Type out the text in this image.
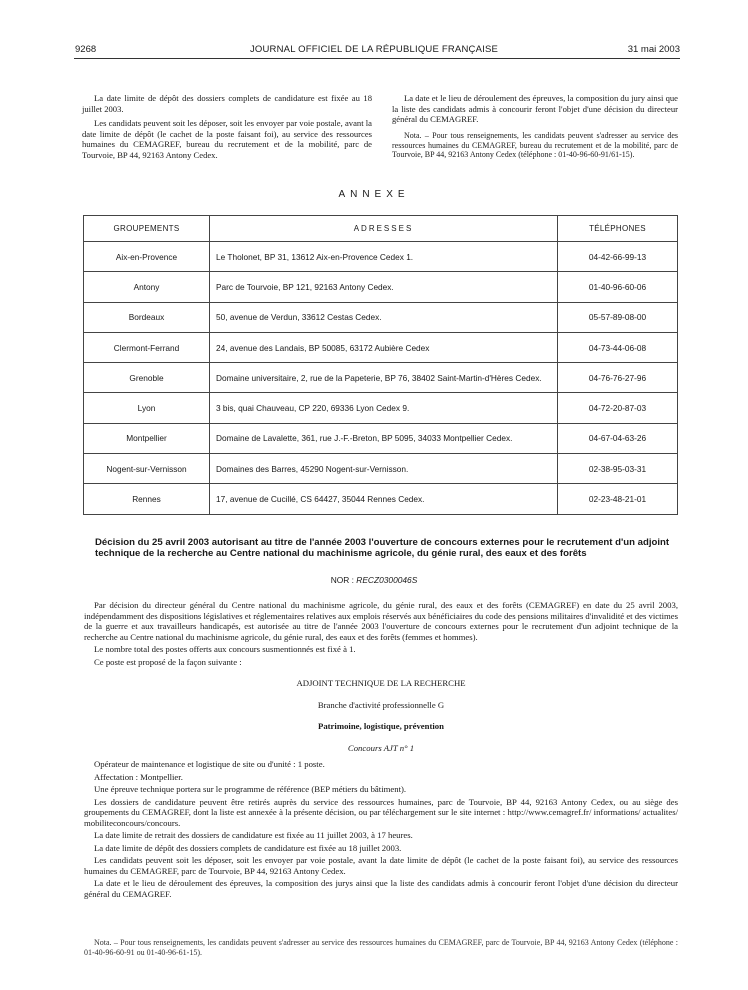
9268	JOURNAL OFFICIEL DE LA RÉPUBLIQUE FRANÇAISE	31 mai 2003

La date limite de dépôt des dossiers complets de candidature est fixée au 18 juillet 2003.

Les candidats peuvent soit les déposer, soit les envoyer par voie postale, avant la date limite de dépôt (le cachet de la poste faisant foi), au service des ressources humaines du CEMAGREF, bureau du recrutement et de la mobilité, parc de Tourvoie, BP 44, 92163 Antony Cedex.

La date et le lieu de déroulement des épreuves, la composition du jury ainsi que la liste des candidats admis à concourir feront l'objet d'une décision du directeur général du CEMAGREF.

Nota. – Pour tous renseignements, les candidats peuvent s'adresser au service des ressources humaines du CEMAGREF, bureau du recrutement et de la mobilité, parc de Tourvoie, BP 44, 92163 Antony Cedex (téléphone : 01-40-96-60-91/61-15).

ANNEXE
GROUPEMENTS	ADRESSES	TÉLÉPHONES
Aix-en-Provence	Le Tholonet, BP 31, 13612 Aix-en-Provence Cedex 1.	04-42-66-99-13
Antony	Parc de Tourvoie, BP 121, 92163 Antony Cedex.	01-40-96-60-06
Bordeaux	50, avenue de Verdun, 33612 Cestas Cedex.	05-57-89-08-00
Clermont-Ferrand	24, avenue des Landais, BP 50085, 63172 Aubière Cedex	04-73-44-06-08
Grenoble	Domaine universitaire, 2, rue de la Papeterie, BP 76, 38402 Saint-Martin-d'Hères Cedex.	04-76-76-27-96
Lyon	3 bis, quai Chauveau, CP 220, 69336 Lyon Cedex 9.	04-72-20-87-03
Montpellier	Domaine de Lavalette, 361, rue J.-F.-Breton, BP 5095, 34033 Montpellier Cedex.	04-67-04-63-26
Nogent-sur-Vernisson	Domaines des Barres, 45290 Nogent-sur-Vernisson.	02-38-95-03-31
Rennes	17, avenue de Cucillé, CS 64427, 35044 Rennes Cedex.	02-23-48-21-01
Décision du 25 avril 2003 autorisant au titre de l'année 2003 l'ouverture de concours externes pour le recrutement d'un adjoint technique de la recherche au Centre national du machinisme agricole, du génie rural, des eaux et des forêts
NOR : RECZ0300046S

Par décision du directeur général du Centre national du machinisme agricole, du génie rural, des eaux et des forêts (CEMAGREF) en date du 25 avril 2003, indépendamment des dispositions législatives et réglementaires relatives aux emplois réservés aux bénéficiaires du code des pensions militaires d'invalidité et des victimes de la guerre et aux travailleurs handicapés, est autorisée au titre de l'année 2003 l'ouverture de concours externes pour le recrutement d'un adjoint technique de la recherche au Centre national du machinisme agricole, du génie rural, des eaux et des forêts (femmes et hommes).

Le nombre total des postes offerts aux concours susmentionnés est fixé à 1.

Ce poste est proposé de la façon suivante :

ADJOINT TECHNIQUE DE LA RECHERCHE

Branche d'activité professionnelle G

Patrimoine, logistique, prévention

Concours AJT n° 1

Opérateur de maintenance et logistique de site ou d'unité : 1 poste.

Affectation : Montpellier.

Une épreuve technique portera sur le programme de référence (BEP métiers du bâtiment).

Les dossiers de candidature peuvent être retirés auprès du service des ressources humaines, parc de Tourvoie, BP 44, 92163 Antony Cedex, ou au siège des groupements du CEMAGREF, dont la liste est annexée à la présente décision, ou par téléchargement sur le site internet : http://www.cemagref.fr/ informations/ actualites/ mobiliteconcours/concours.

La date limite de retrait des dossiers de candidature est fixée au 11 juillet 2003, à 17 heures.

La date limite de dépôt des dossiers complets de candidature est fixée au 18 juillet 2003.

Les candidats peuvent soit les déposer, soit les envoyer par voie postale, avant la date limite de dépôt (le cachet de la poste faisant foi), au service des ressources humaines du CEMAGREF, parc de Tourvoie, BP 44, 92163 Antony Cedex.

La date et le lieu de déroulement des épreuves, la composition des jurys ainsi que la liste des candidats admis à concourir feront l'objet d'une décision du directeur général du CEMAGREF.

Nota. – Pour tous renseignements, les candidats peuvent s'adresser au service des ressources humaines du CEMAGREF, parc de Tourvoie, BP 44, 92163 Antony Cedex (téléphone : 01-40-96-60-91 ou 01-40-96-61-15).
